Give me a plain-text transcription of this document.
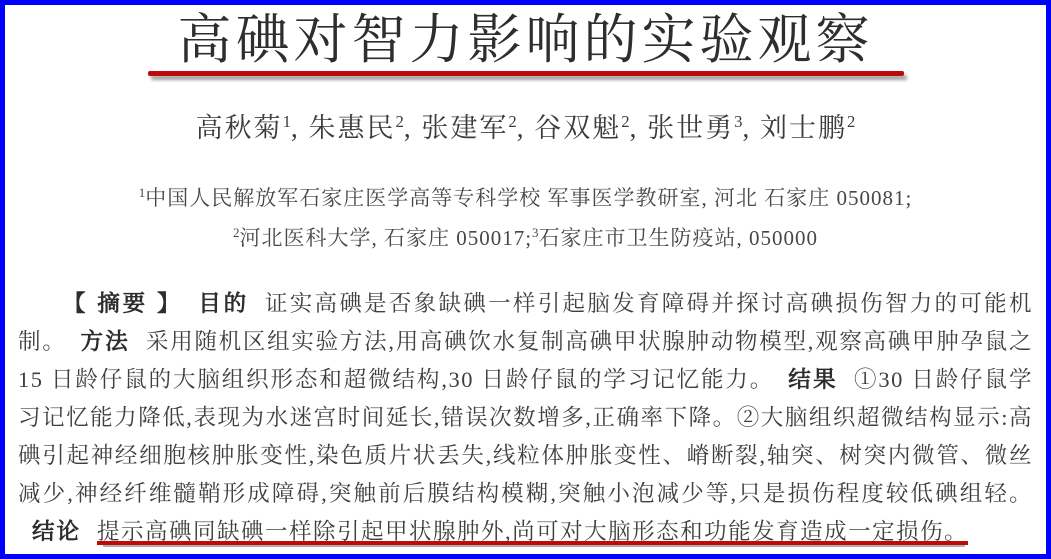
高碘对智力影响的实验观察
高秋菊$^1$, 朱惠民$^2$, 张建军$^2$, 谷双魁$^2$, 张世勇$^3$, 刘士鹏$^2$
$^1$中国人民解放军石家庄医学高等专科学校 军事医学教研室, 河北 石家庄 050081;
$^2$河北医科大学, 石家庄 050017;$^3$石家庄市卫生防疫站, 050000

【 摘要 】 目的 证实高碘是否象缺碘一样引起脑发育障碍并探讨高碘损伤智力的可能机制。 方法 采用随机区组实验方法,用高碘饮水复制高碘甲状腺肿动物模型,观察高碘甲肿孕鼠之 15 日龄仔鼠的大脑组织形态和超微结构,30 日龄仔鼠的学习记忆能力。 结果 ①30 日龄仔鼠学习记忆能力降低,表现为水迷宫时间延长,错误次数增多,正确率下降。②大脑组织超微结构显示:高碘引起神经细胞核肿胀变性,染色质片状丢失,线粒体肿胀变性、嵴断裂,轴突、树突内微管、微丝减少,神经纤维髓鞘形成障碍,突触前后膜结构模糊,突触小泡减少等,只是损伤程度较低碘组轻。结论 提示高碘同缺碘一样除引起甲状腺肿外,尚可对大脑形态和功能发育造成一定损伤。
